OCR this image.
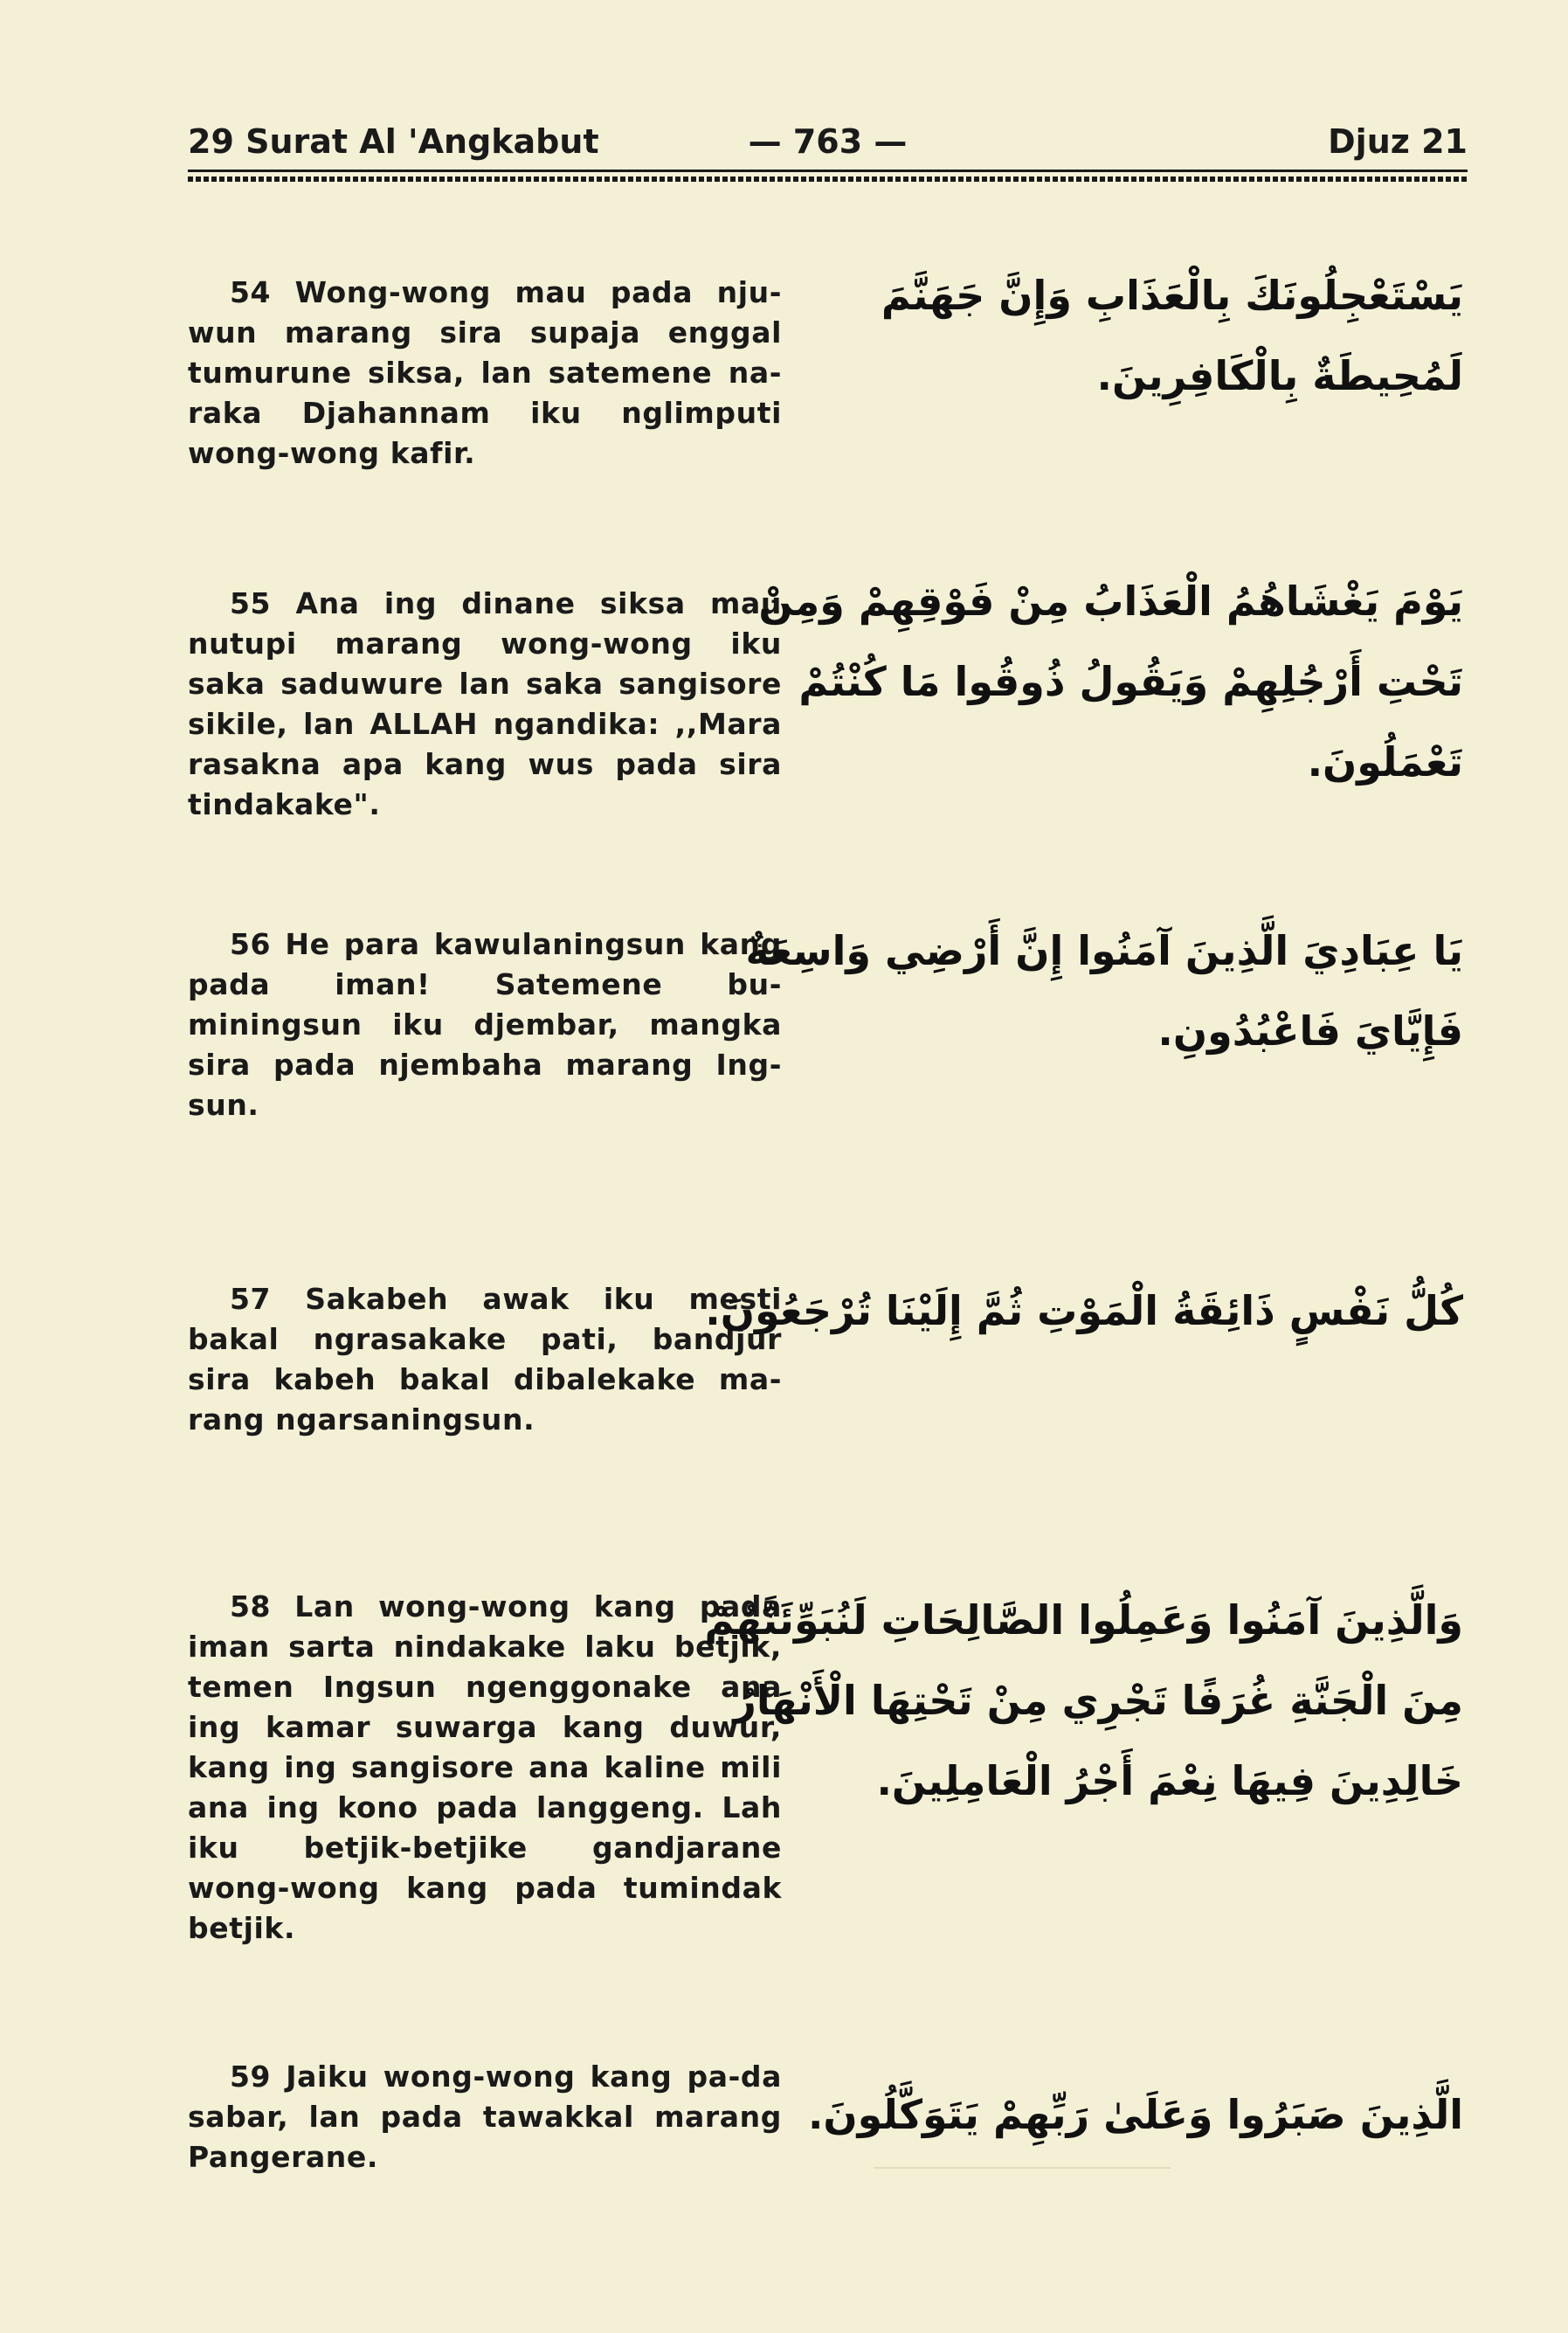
29 Surat Al 'Angkabut	— 763 —	Djuz 21

54 Wong-wong mau pada nju-wun marang sira supaja enggal tumurune siksa, lan satemene na-raka Djahannam iku nglimputi wong-wong kafir.

يَسْتَعْجِلُونَكَ بِالْعَذَابِ وَإِنَّ جَهَنَّمَ
لَمُحِيطَةٌ بِالْكَافِرِينَ.

55 Ana ing dinane siksa mau nutupi marang wong-wong iku saka saduwure lan saka sangisore sikile, lan ALLAH ngandika: ,,Mara rasakna apa kang wus pada sira tindakake".

يَوْمَ يَغْشَاهُمُ الْعَذَابُ مِنْ فَوْقِهِمْ وَمِنْ
تَحْتِ أَرْجُلِهِمْ وَيَقُولُ ذُوقُوا مَا كُنْتُمْ
تَعْمَلُونَ.

56 He para kawulaningsun kang pada iman! Satemene bu-miningsun iku djembar, mangka sira pada njembaha marang Ing-sun.

يَا عِبَادِيَ الَّذِينَ آمَنُوا إِنَّ أَرْضِي وَاسِعَةٌ
فَإِيَّايَ فَاعْبُدُونِ.

57 Sakabeh awak iku mesti bakal ngrasakake pati, bandjur sira kabeh bakal dibalekake ma-rang ngarsaningsun.

كُلُّ نَفْسٍ ذَائِقَةُ الْمَوْتِ ثُمَّ إِلَيْنَا تُرْجَعُونَ.

58 Lan wong-wong kang pada iman sarta nindakake laku betjik, temen Ingsun ngenggonake ana ing kamar suwarga kang duwur, kang ing sangisore ana kaline mili ana ing kono pada langgeng. Lah iku betjik-betjike gandjarane wong-wong kang pada tumindak betjik.

وَالَّذِينَ آمَنُوا وَعَمِلُوا الصَّالِحَاتِ لَنُبَوِّئَنَّهُمْ
مِنَ الْجَنَّةِ غُرَفًا تَجْرِي مِنْ تَحْتِهَا الْأَنْهَارُ
خَالِدِينَ فِيهَا نِعْمَ أَجْرُ الْعَامِلِينَ.

59 Jaiku wong-wong kang pa-da sabar, lan pada tawakkal marang Pangerane.

الَّذِينَ صَبَرُوا وَعَلَىٰ رَبِّهِمْ يَتَوَكَّلُونَ.
